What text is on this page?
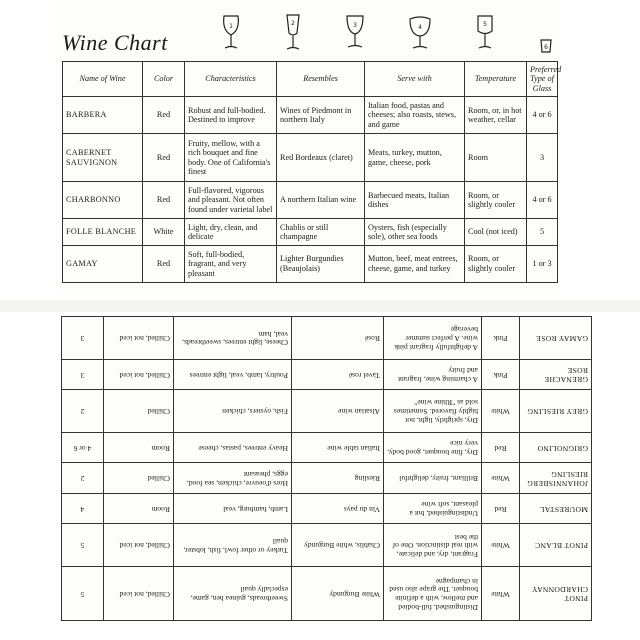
Wine Chart
1	2	3	4	5
6
Name of Wine	Color	Characteristics	Resembles	Serve with	Temperature	Preferred Type of Glass
BARBERA	Red	Robust and full-bodied. Destined to improve	Wines of Piedmont in northern Italy	Italian food, pastas and cheeses; also roasts, stews, and game	Room, or, in hot weather, cellar	4 or 6
CABERNET SAUVIGNON	Red	Fruity, mellow, with a rich bouquet and fine body. One of California's finest	Red Bordeaux (claret)	Meats, turkey, mutton, game, cheese, pork	Room	3
CHARBONNO	Red	Full-flavored, vigorous and pleasant. Not often found under varietal label	A northern Italian wine	Barbecued meats, Italian dishes	Room, or slightly cooler	4 or 6
FOLLE BLANCHE	White	Light, dry, clean, and delicate	Chablis or still champagne	Oysters, fish (especially sole), other sea foods	Cool (not iced)	5
GAMAY	Red	Soft, full-bodied, fragrant, and very pleasant	Lighter Burgundies (Beaujolais)	Mutton, beef, meat entrees, cheese, game, and turkey	Room, or slightly cooler	1 or 3
PINOT CHARDONNAY	White	Distinguished, full-bodied and mellow, with a definite bouquet. The grape also used in champagne	White Burgundy	Sweetbreads, guinea hen, game, especially quail	Chilled, not iced	5
PINOT BLANC	White	Fragrant, dry, and delicate, with real distinction. One of the best	Chablis, white Burgundy	Turkey or other fowl, fish, lobster, quail	Chilled, not iced	5
MOURESTAL	Red	Undistinguished, but a pleasant, soft wine	Vin du pays	Lamb, hamburg, veal	Room	4
JOHANNISBERG RIESLING	White	Brilliant, fruity, delightful	Riesling	Hors d'oeuvre, chicken, sea food, eggs, pheasant	Chilled	2
GRIGNOLINO	Red	Dry, fine bouquet, good body, very nice	Italian table wine	Heavy entrees, pastas, cheese	Room	4 or 6
GREY RIESLING	White	Dry, sprightly, light, not highly flavored. Sometimes sold as "Rhine wine"	Alsatian wine	Fish, oysters, chicken	Chilled	2
GRENACHE ROSE	Pink	A charming wine, fragrant and fruity	Tavel rosé	Poultry, lamb, veal, light entrees	Chilled, not iced	3
GAMAY ROSE	Pink	A delightfully fragrant pink wine. A perfect summer beverage	Rosé	Cheese, light entrees, sweetbreads, veal, ham	Chilled, not iced	3
